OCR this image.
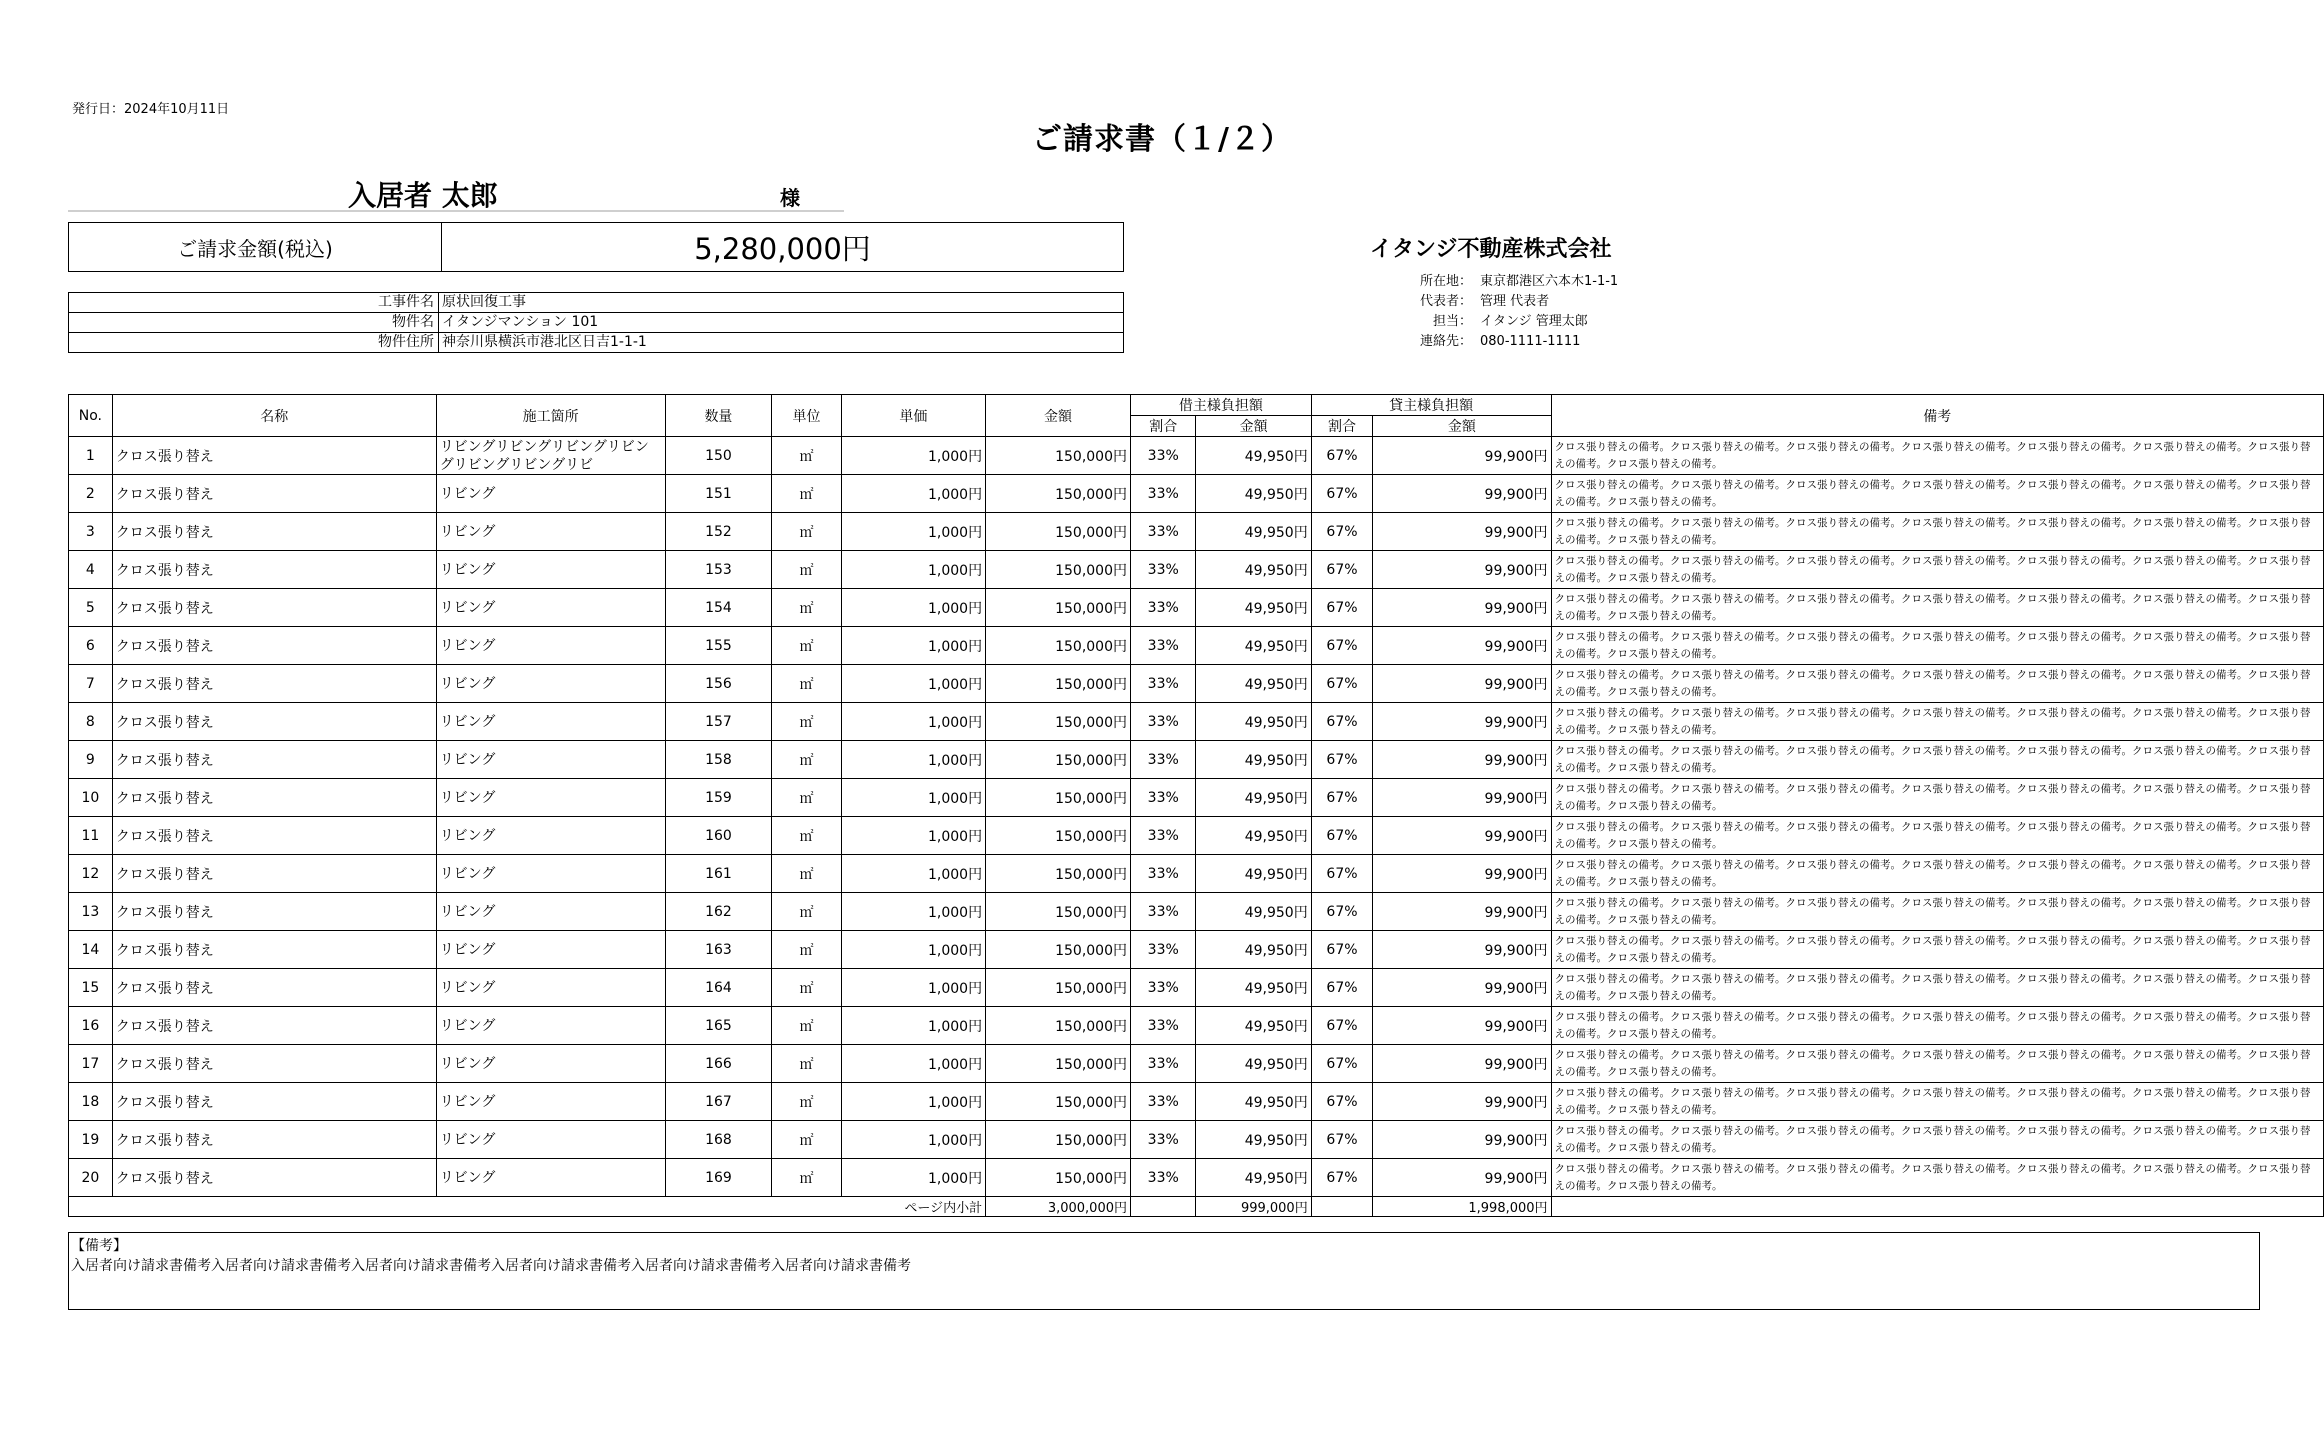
発行日：2024年10月11日
ご請求書（１/２）
入居者 太郎	様
ご請求金額(税込)	5,280,000円
工事件名 原状回復工事
物件名 イタンジマンション 101
物件住所 神奈川県横浜市港北区日吉1-1-1
イタンジ不動産株式会社
所在地： 東京都港区六本木1-1-1
代表者： 管理 代表者
担当： イタンジ 管理太郎
連絡先： 080-1111-1111
No.	名称	施工箇所	数量	単位	単価	金額	借主様負担額		貸主様負担額		備考
							割合	金額	割合	金額	
1	クロス張り替え	リビングリビングリビングリビングリビングリビングリビ	150	㎡	1,000円	150,000円	33%	49,950円	67%	99,900円	クロス張り替えの備考。クロス張り替えの備考。クロス張り替えの備考。クロス張り替えの備考。クロス張り替えの備考。クロス張り替えの備考。クロス張り替えの備考。クロス張り替えの備考。
2	クロス張り替え	リビング	151	㎡	1,000円	150,000円	33%	49,950円	67%	99,900円	クロス張り替えの備考。クロス張り替えの備考。クロス張り替えの備考。クロス張り替えの備考。クロス張り替えの備考。クロス張り替えの備考。クロス張り替えの備考。クロス張り替えの備考。
3	クロス張り替え	リビング	152	㎡	1,000円	150,000円	33%	49,950円	67%	99,900円	クロス張り替えの備考。クロス張り替えの備考。クロス張り替えの備考。クロス張り替えの備考。クロス張り替えの備考。クロス張り替えの備考。クロス張り替えの備考。クロス張り替えの備考。
4	クロス張り替え	リビング	153	㎡	1,000円	150,000円	33%	49,950円	67%	99,900円	クロス張り替えの備考。クロス張り替えの備考。クロス張り替えの備考。クロス張り替えの備考。クロス張り替えの備考。クロス張り替えの備考。クロス張り替えの備考。クロス張り替えの備考。
5	クロス張り替え	リビング	154	㎡	1,000円	150,000円	33%	49,950円	67%	99,900円	クロス張り替えの備考。クロス張り替えの備考。クロス張り替えの備考。クロス張り替えの備考。クロス張り替えの備考。クロス張り替えの備考。クロス張り替えの備考。クロス張り替えの備考。
6	クロス張り替え	リビング	155	㎡	1,000円	150,000円	33%	49,950円	67%	99,900円	クロス張り替えの備考。クロス張り替えの備考。クロス張り替えの備考。クロス張り替えの備考。クロス張り替えの備考。クロス張り替えの備考。クロス張り替えの備考。クロス張り替えの備考。
7	クロス張り替え	リビング	156	㎡	1,000円	150,000円	33%	49,950円	67%	99,900円	クロス張り替えの備考。クロス張り替えの備考。クロス張り替えの備考。クロス張り替えの備考。クロス張り替えの備考。クロス張り替えの備考。クロス張り替えの備考。クロス張り替えの備考。
8	クロス張り替え	リビング	157	㎡	1,000円	150,000円	33%	49,950円	67%	99,900円	クロス張り替えの備考。クロス張り替えの備考。クロス張り替えの備考。クロス張り替えの備考。クロス張り替えの備考。クロス張り替えの備考。クロス張り替えの備考。クロス張り替えの備考。
9	クロス張り替え	リビング	158	㎡	1,000円	150,000円	33%	49,950円	67%	99,900円	クロス張り替えの備考。クロス張り替えの備考。クロス張り替えの備考。クロス張り替えの備考。クロス張り替えの備考。クロス張り替えの備考。クロス張り替えの備考。クロス張り替えの備考。
10	クロス張り替え	リビング	159	㎡	1,000円	150,000円	33%	49,950円	67%	99,900円	クロス張り替えの備考。クロス張り替えの備考。クロス張り替えの備考。クロス張り替えの備考。クロス張り替えの備考。クロス張り替えの備考。クロス張り替えの備考。クロス張り替えの備考。
11	クロス張り替え	リビング	160	㎡	1,000円	150,000円	33%	49,950円	67%	99,900円	クロス張り替えの備考。クロス張り替えの備考。クロス張り替えの備考。クロス張り替えの備考。クロス張り替えの備考。クロス張り替えの備考。クロス張り替えの備考。クロス張り替えの備考。
12	クロス張り替え	リビング	161	㎡	1,000円	150,000円	33%	49,950円	67%	99,900円	クロス張り替えの備考。クロス張り替えの備考。クロス張り替えの備考。クロス張り替えの備考。クロス張り替えの備考。クロス張り替えの備考。クロス張り替えの備考。クロス張り替えの備考。
13	クロス張り替え	リビング	162	㎡	1,000円	150,000円	33%	49,950円	67%	99,900円	クロス張り替えの備考。クロス張り替えの備考。クロス張り替えの備考。クロス張り替えの備考。クロス張り替えの備考。クロス張り替えの備考。クロス張り替えの備考。クロス張り替えの備考。
14	クロス張り替え	リビング	163	㎡	1,000円	150,000円	33%	49,950円	67%	99,900円	クロス張り替えの備考。クロス張り替えの備考。クロス張り替えの備考。クロス張り替えの備考。クロス張り替えの備考。クロス張り替えの備考。クロス張り替えの備考。クロス張り替えの備考。
15	クロス張り替え	リビング	164	㎡	1,000円	150,000円	33%	49,950円	67%	99,900円	クロス張り替えの備考。クロス張り替えの備考。クロス張り替えの備考。クロス張り替えの備考。クロス張り替えの備考。クロス張り替えの備考。クロス張り替えの備考。クロス張り替えの備考。
16	クロス張り替え	リビング	165	㎡	1,000円	150,000円	33%	49,950円	67%	99,900円	クロス張り替えの備考。クロス張り替えの備考。クロス張り替えの備考。クロス張り替えの備考。クロス張り替えの備考。クロス張り替えの備考。クロス張り替えの備考。クロス張り替えの備考。
17	クロス張り替え	リビング	166	㎡	1,000円	150,000円	33%	49,950円	67%	99,900円	クロス張り替えの備考。クロス張り替えの備考。クロス張り替えの備考。クロス張り替えの備考。クロス張り替えの備考。クロス張り替えの備考。クロス張り替えの備考。クロス張り替えの備考。
18	クロス張り替え	リビング	167	㎡	1,000円	150,000円	33%	49,950円	67%	99,900円	クロス張り替えの備考。クロス張り替えの備考。クロス張り替えの備考。クロス張り替えの備考。クロス張り替えの備考。クロス張り替えの備考。クロス張り替えの備考。クロス張り替えの備考。
19	クロス張り替え	リビング	168	㎡	1,000円	150,000円	33%	49,950円	67%	99,900円	クロス張り替えの備考。クロス張り替えの備考。クロス張り替えの備考。クロス張り替えの備考。クロス張り替えの備考。クロス張り替えの備考。クロス張り替えの備考。クロス張り替えの備考。
20	クロス張り替え	リビング	169	㎡	1,000円	150,000円	33%	49,950円	67%	99,900円	クロス張り替えの備考。クロス張り替えの備考。クロス張り替えの備考。クロス張り替えの備考。クロス張り替えの備考。クロス張り替えの備考。クロス張り替えの備考。クロス張り替えの備考。
ページ内小計						3,000,000円		999,000円		1,998,000円	
【備考】
入居者向け請求書備考入居者向け請求書備考入居者向け請求書備考入居者向け請求書備考入居者向け請求書備考入居者向け請求書備考
